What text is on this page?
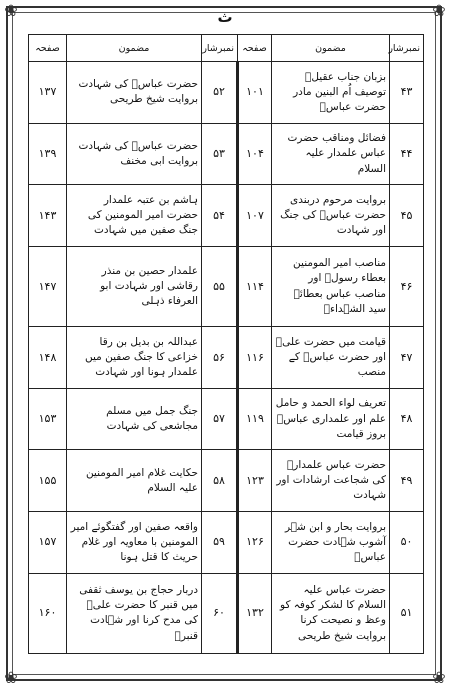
❀	❀
❀	❀
ث
نمبرشار	مضمون	صفحہ	نمبرشار	مضمون	صفحہ
۴۳	بزبان جناب عقیلؑ توصیف اُم البنین مادر حضرت عباسؑ	۱۰۱	۵۲	حضرت عباسؑ کی شہادت بروایت شیخ طریحی	۱۳۷
۴۴	فضائل ومناقب حضرت عباس علمدار علیہ السلام	۱۰۴	۵۳	حضرت عباسؑ کی شہادت بروایت ابی مخنف	۱۳۹
۴۵	بروایت مرحوم دربندی حضرت عباسؑ کی جنگ اور شہادت	۱۰۷	۵۴	ہاشم بن عتبہ علمدار حضرت امیر المومنین کی جنگ صفین میں شہادت	۱۴۳
۴۶	مناصب امیر المومنین بعطاء رسولؐ اور مناصب عباس بعطائے سید الشہداءؑ	۱۱۴	۵۵	علمدار حصین بن منذر رقاشی اور شہادت ابو العرفاء ذہلی	۱۴۷
۴۷	قیامت میں حضرت علیؑ اور حضرت عباسؑ کے منصب	۱۱۶	۵۶	عبداللہ بن بدیل بن رقا خزاعی کا جنگ صفین میں علمدار ہونا اور شہادت	۱۴۸
۴۸	تعریف لواء الحمد و حامل علم اور علمداری عباسؑ بروز قیامت	۱۱۹	۵۷	جنگ جمل میں مسلم مجاشعی کی شہادت	۱۵۳
۴۹	حضرت عباس علمدارؑ کی شجاعت ارشادات اور شہادت	۱۲۳	۵۸	حکایت غلام امیر المومنین علیہ السلام	۱۵۵
۵۰	بروایت بحار و ابن شہر آشوب شہادت حضرت عباسؑ	۱۲۶	۵۹	واقعہ صفین اور گفتگوئے امیر المومنین با معاویہ اور غلام حریث کا قتل ہونا	۱۵۷
۵۱	حضرت عباس علیہ السلام کا لشکر کوفہ کو وعظ و نصیحت کرنا بروایت شیخ طریحی	۱۳۲	۶۰	دربار حجاج بن یوسف ثقفی میں قنبر کا حضرت علیؑ کی مدح کرنا اور شہادت قنبرؑ	۱۶۰
